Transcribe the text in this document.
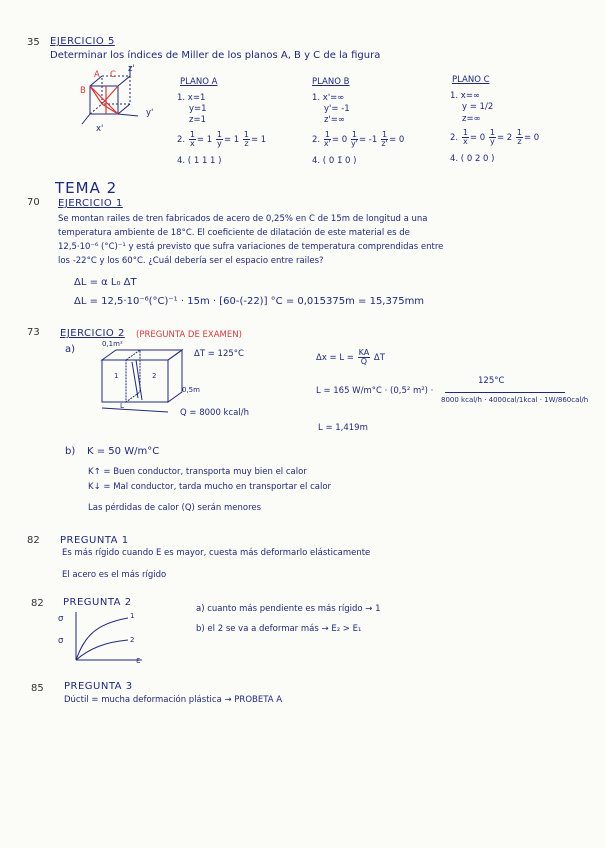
35 EJERCICIO 5
Determinar los índices de Miller de los planos A, B y C de la figura
A
B
C
z'
y'
x'
PLANO A
1. x=1
y=1
z=1
2. $\frac{1}{x} = 1 \frac{1}{y} = 1 \frac{1}{z} = 1$
4. ( 1 1 1 )
PLANO B
1. x'=∞
y'= -1
z'=∞
2. $\frac{1}{x'} = 0 \frac{1}{y'} = -1 \frac{1}{z'} = 0$
4. ( 0 1̄ 0 )
PLANO C
1. x=∞
y = 1/2
z=∞
2. $\frac{1}{x} = 0 \frac{1}{y} = 2 \frac{1}{z} = 0$
4. ( 0 2 0 )
TEMA 2
70 EJERCICIO 1
Se montan railes de tren fabricados de acero de 0,25% en C de 15m de longitud a una
temperatura ambiente de 18°C. El coeficiente de dilatación de este material es de
12,5·10⁻⁶ (°C)⁻¹ y está previsto que sufra variaciones de temperatura comprendidas entre
los -22°C y los 60°C. ¿Cuál debería ser el espacio entre railes?
ΔL = α L₀ ΔT
ΔL = 12,5·10⁻⁶(°C)⁻¹ · 15m · [60-(-22)] °C = 0,015375m = 15,375mm
73 EJERCICIO 2 (PREGUNTA DE EXAMEN)
a)	0,1m²
0,5m
L
1	2
ΔT = 125°C
Q = 8000 kcal/h
$\Delta x = L = \frac{KA}{Q}$ ΔT
L = 165 W/m°C · (0,5² m²) ·
125°C
8000 kcal/h · 4000cal/1kcal · 1W/860cal/h
L = 1,419m
b) K = 50 W/m°C
K↑ = Buen conductor, transporta muy bien el calor
K↓ = Mal conductor, tarda mucho en transportar el calor
Las pérdidas de calor (Q) serán menores
82 PREGUNTA 1
Es más rígido cuando E es mayor, cuesta más deformarlo elásticamente
El acero es el más rígido
82 PREGUNTA 2
σ
σ
ε
1
2
a) cuanto más pendiente es más rígido → 1
b) el 2 se va a deformar más → E₂ > E₁
85 PREGUNTA 3
Dúctil = mucha deformación plástica → PROBETA A
